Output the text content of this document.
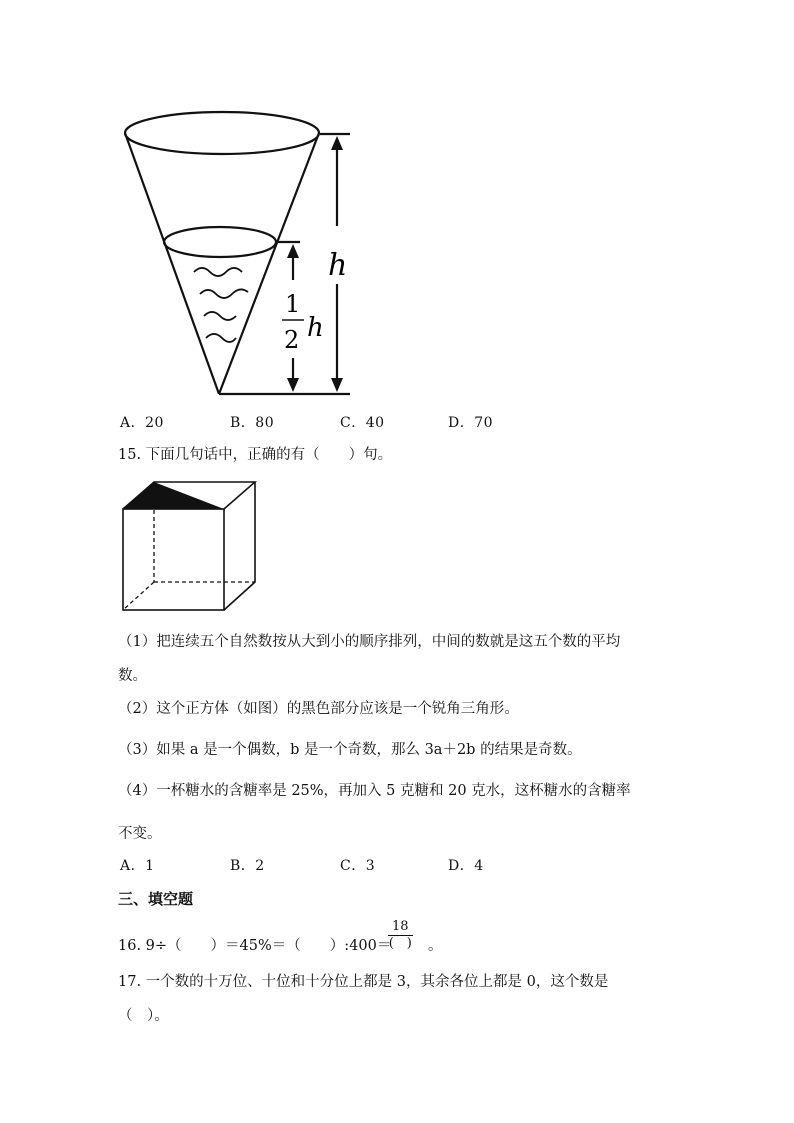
h
1
2 h
A．20	B．80	C．40	D．70
15. 下面几句话中，正确的有（　　）句。
（1）把连续五个自然数按从大到小的顺序排列，中间的数就是这五个数的平均
数。
（2）这个正方体（如图）的黑色部分应该是一个锐角三角形。
（3）如果 a 是一个偶数，b 是一个奇数，那么 3a＋2b 的结果是奇数。
（4）一杯糖水的含糖率是 25%，再加入 5 克糖和 20 克水，这杯糖水的含糖率
不变。
A．1	B．2	C．3	D．4
三、填空题
16. 9÷（　　）＝45%＝（　　）:400＝
18
(　) 。
17. 一个数的十万位、十位和十分位上都是 3，其余各位上都是 0，这个数是
（　）。
